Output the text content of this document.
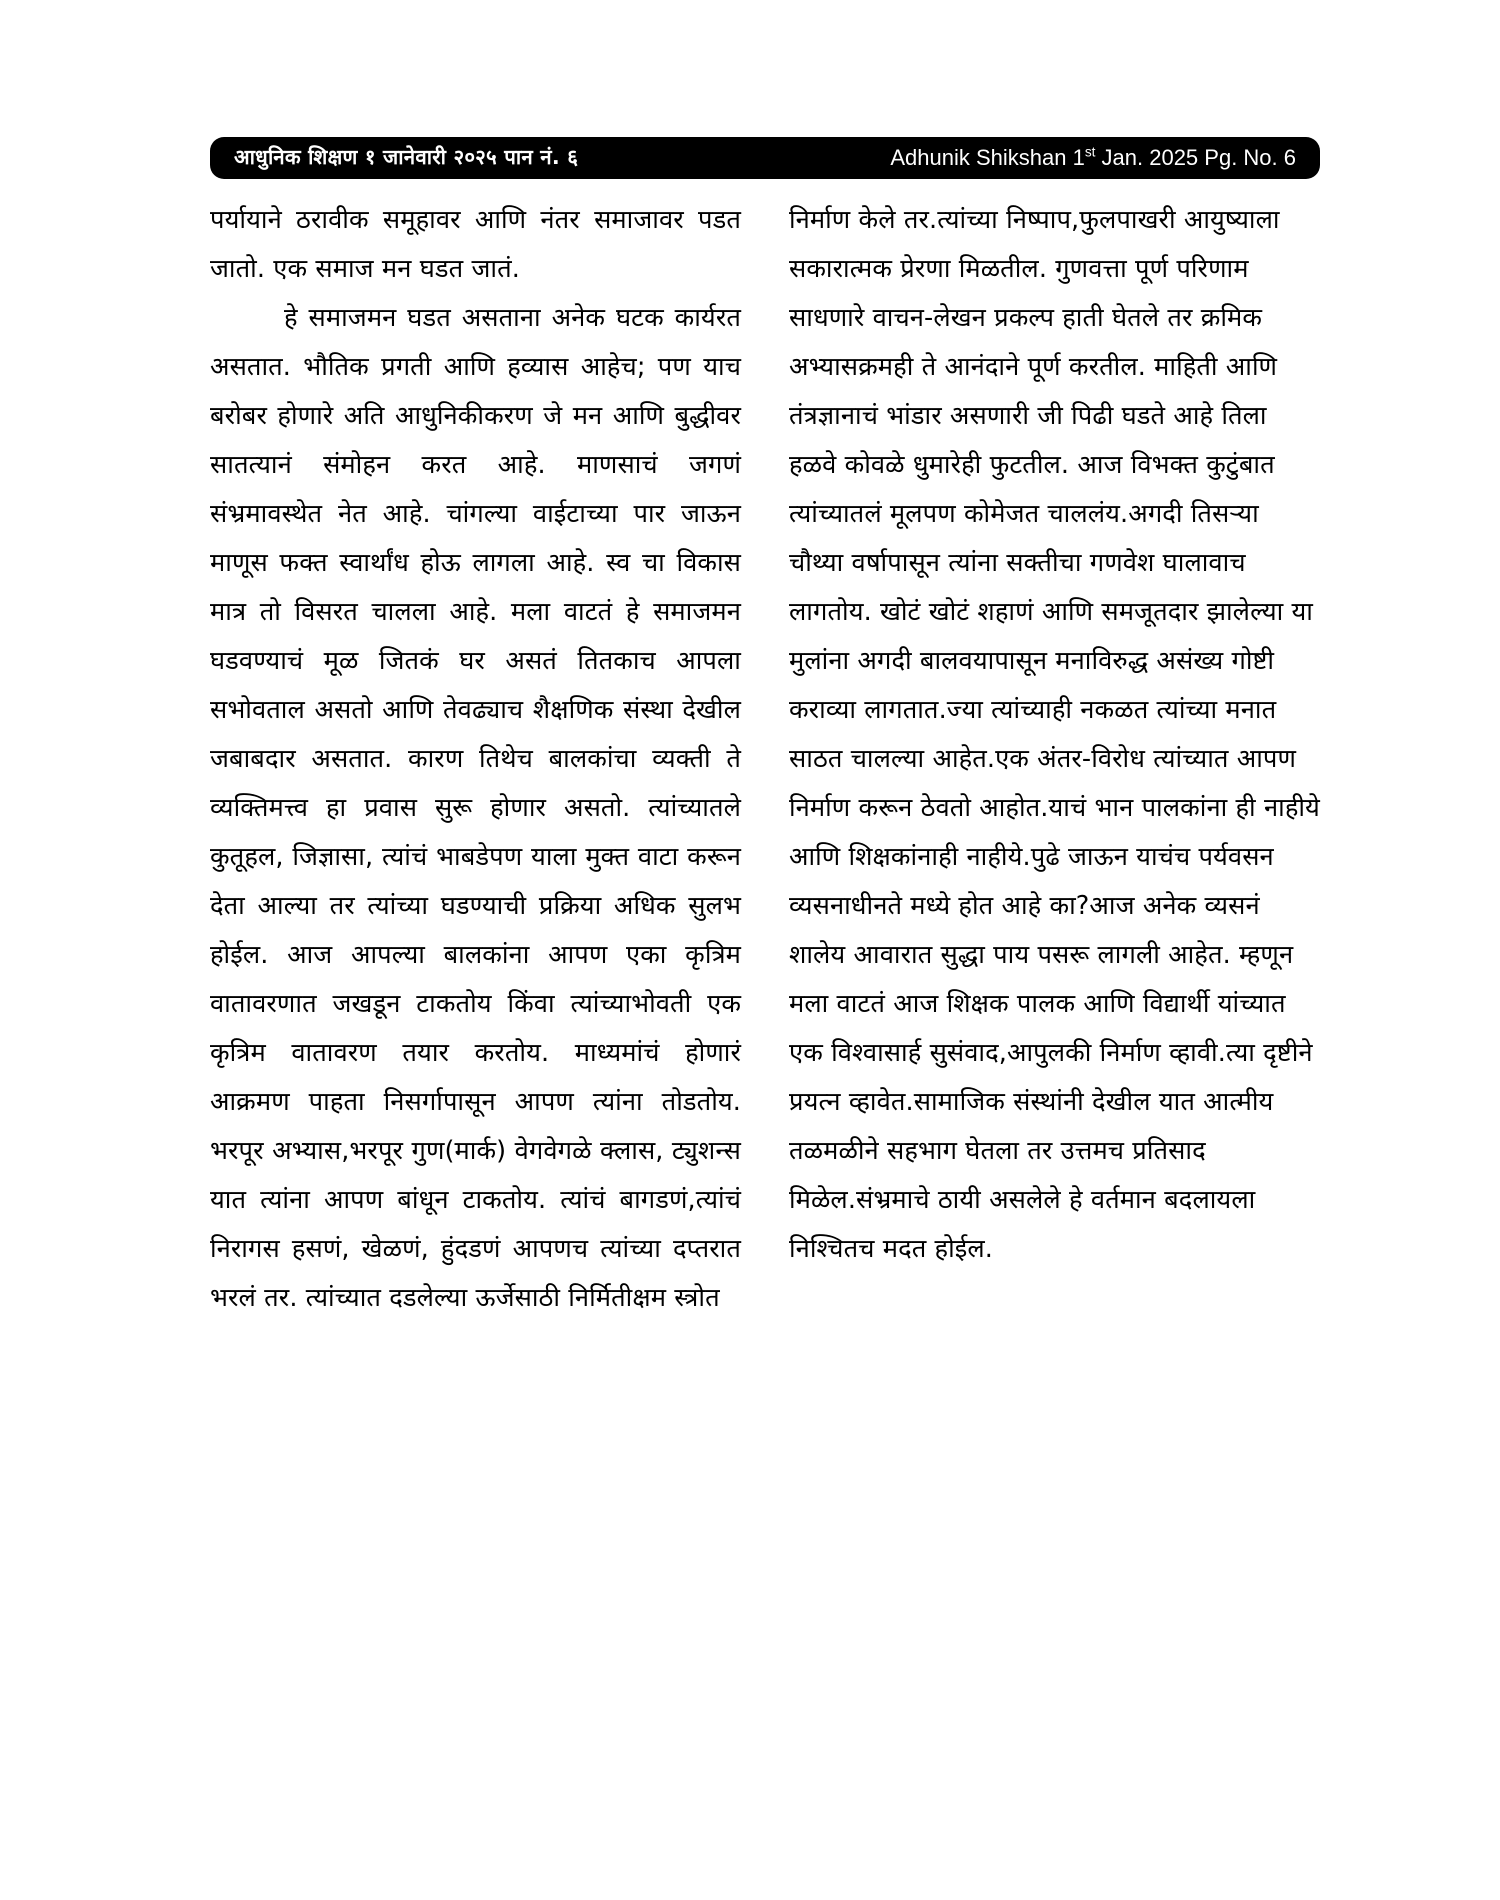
आधुनिक शिक्षण १ जानेवारी २०२५ पान नं. ६	Adhunik Shikshan 1st Jan. 2025 Pg. No. 6

पर्यायाने ठरावीक समूहावर आणि नंतर समाजावर पडत जातो. एक समाज मन घडत जातं.

हे समाजमन घडत असताना अनेक घटक कार्यरत असतात. भौतिक प्रगती आणि हव्यास आहेच; पण याच बरोबर होणारे अति आधुनिकीकरण जे मन आणि बुद्धीवर सातत्यानं संमोहन करत आहे. माणसाचं जगणं संभ्रमावस्थेत नेत आहे. चांगल्या वाईटाच्या पार जाऊन माणूस फक्त स्वार्थांध होऊ लागला आहे. स्व चा विकास मात्र तो विसरत चालला आहे. मला वाटतं हे समाजमन घडवण्याचं मूळ जितकं घर असतं तितकाच आपला सभोवताल असतो आणि तेवढ्याच शैक्षणिक संस्था देखील जबाबदार असतात. कारण तिथेच बालकांचा व्यक्ती ते व्यक्तिमत्त्व हा प्रवास सुरू होणार असतो. त्यांच्यातले कुतूहल, जिज्ञासा, त्यांचं भाबडेपण याला मुक्त वाटा करून देता आल्या तर त्यांच्या घडण्याची प्रक्रिया अधिक सुलभ होईल. आज आपल्या बालकांना आपण एका कृत्रिम वातावरणात जखडून टाकतोय किंवा त्यांच्याभोवती एक कृत्रिम वातावरण तयार करतोय. माध्यमांचं होणारं आक्रमण पाहता निसर्गापासून आपण त्यांना तोडतोय. भरपूर अभ्यास,भरपूर गुण(मार्क) वेगवेगळे क्लास, ट्युशन्स यात त्यांना आपण बांधून टाकतोय. त्यांचं बागडणं,त्यांचं निरागस हसणं, खेळणं, हुंदडणं आपणच त्यांच्या दप्तरात भरलं तर. त्यांच्यात दडलेल्या ऊर्जेसाठी निर्मितीक्षम स्त्रोत

निर्माण केले तर.त्यांच्या निष्पाप,फुलपाखरी आयुष्याला सकारात्मक प्रेरणा मिळतील. गुणवत्ता पूर्ण परिणाम साधणारे वाचन-लेखन प्रकल्प हाती घेतले तर क्रमिक अभ्यासक्रमही ते आनंदाने पूर्ण करतील. माहिती आणि तंत्रज्ञानाचं भांडार असणारी जी पिढी घडते आहे तिला हळवे कोवळे धुमारेही फुटतील. आज विभक्त कुटुंबात त्यांच्यातलं मूलपण कोमेजत चाललंय.अगदी तिसऱ्या चौथ्या वर्षापासून त्यांना सक्तीचा गणवेश घालावाच लागतोय. खोटं खोटं शहाणं आणि समजूतदार झालेल्या या मुलांना अगदी बालवयापासून मनाविरुद्ध असंख्य गोष्टी कराव्या लागतात.ज्या त्यांच्याही नकळत त्यांच्या मनात साठत चालल्या आहेत.एक अंतर-विरोध त्यांच्यात आपण निर्माण करून ठेवतो आहोत.याचं भान पालकांना ही नाहीये आणि शिक्षकांनाही नाहीये.पुढे जाऊन याचंच पर्यवसन व्यसनाधीनते मध्ये होत आहे का?आज अनेक व्यसनं शालेय आवारात सुद्धा पाय पसरू लागली आहेत. म्हणून मला वाटतं आज शिक्षक पालक आणि विद्यार्थी यांच्यात एक विश्वासार्ह सुसंवाद,आपुलकी निर्माण व्हावी.त्या दृष्टीने प्रयत्न व्हावेत.सामाजिक संस्थांनी देखील यात आत्मीय तळमळीने सहभाग घेतला तर उत्तमच प्रतिसाद मिळेल.संभ्रमाचे ठायी असलेले हे वर्तमान बदलायला निश्चितच मदत होईल.
